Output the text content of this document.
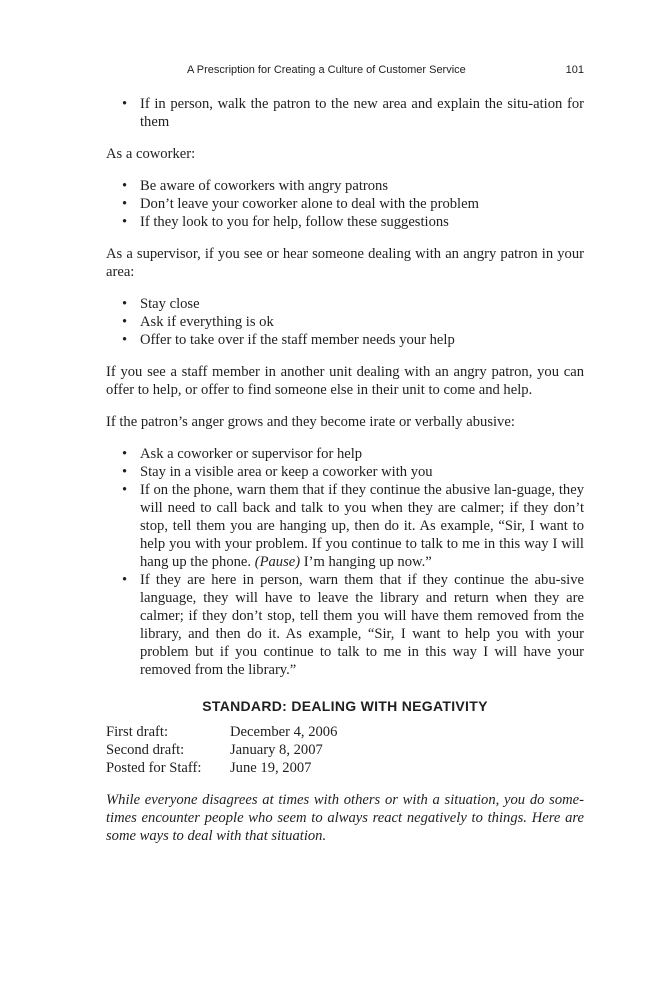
A Prescription for Creating a Culture of Customer Service	101
• If in person, walk the patron to the new area and explain the situ-ation for them

As a coworker:

• Be aware of coworkers with angry patrons
• Don’t leave your coworker alone to deal with the problem
• If they look to you for help, follow these suggestions

As a supervisor, if you see or hear someone dealing with an angry patron in your area:

• Stay close
• Ask if everything is ok
• Offer to take over if the staff member needs your help

If you see a staff member in another unit dealing with an angry patron, you can offer to help, or offer to find someone else in their unit to come and help.

If the patron’s anger grows and they become irate or verbally abusive:

• Ask a coworker or supervisor for help
• Stay in a visible area or keep a coworker with you
• If on the phone, warn them that if they continue the abusive lan-guage, they will need to call back and talk to you when they are calmer; if they don’t stop, tell them you are hanging up, then do it. As example, “Sir, I want to help you with your problem. If you continue to talk to me in this way I will hang up the phone. (Pause) I’m hanging up now.”
• If they are here in person, warn them that if they continue the abu-sive language, they will have to leave the library and return when they are calmer; if they don’t stop, tell them you will have them removed from the library, and then do it. As example, “Sir, I want to help you with your problem but if you continue to talk to me in this way I will have your removed from the library.”
STANDARD: DEALING WITH NEGATIVITY
First draft:	December 4, 2006
Second draft:	January 8, 2007
Posted for Staff:	June 19, 2007

While everyone disagrees at times with others or with a situation, you do some-times encounter people who seem to always react negatively to things. Here are some ways to deal with that situation.
